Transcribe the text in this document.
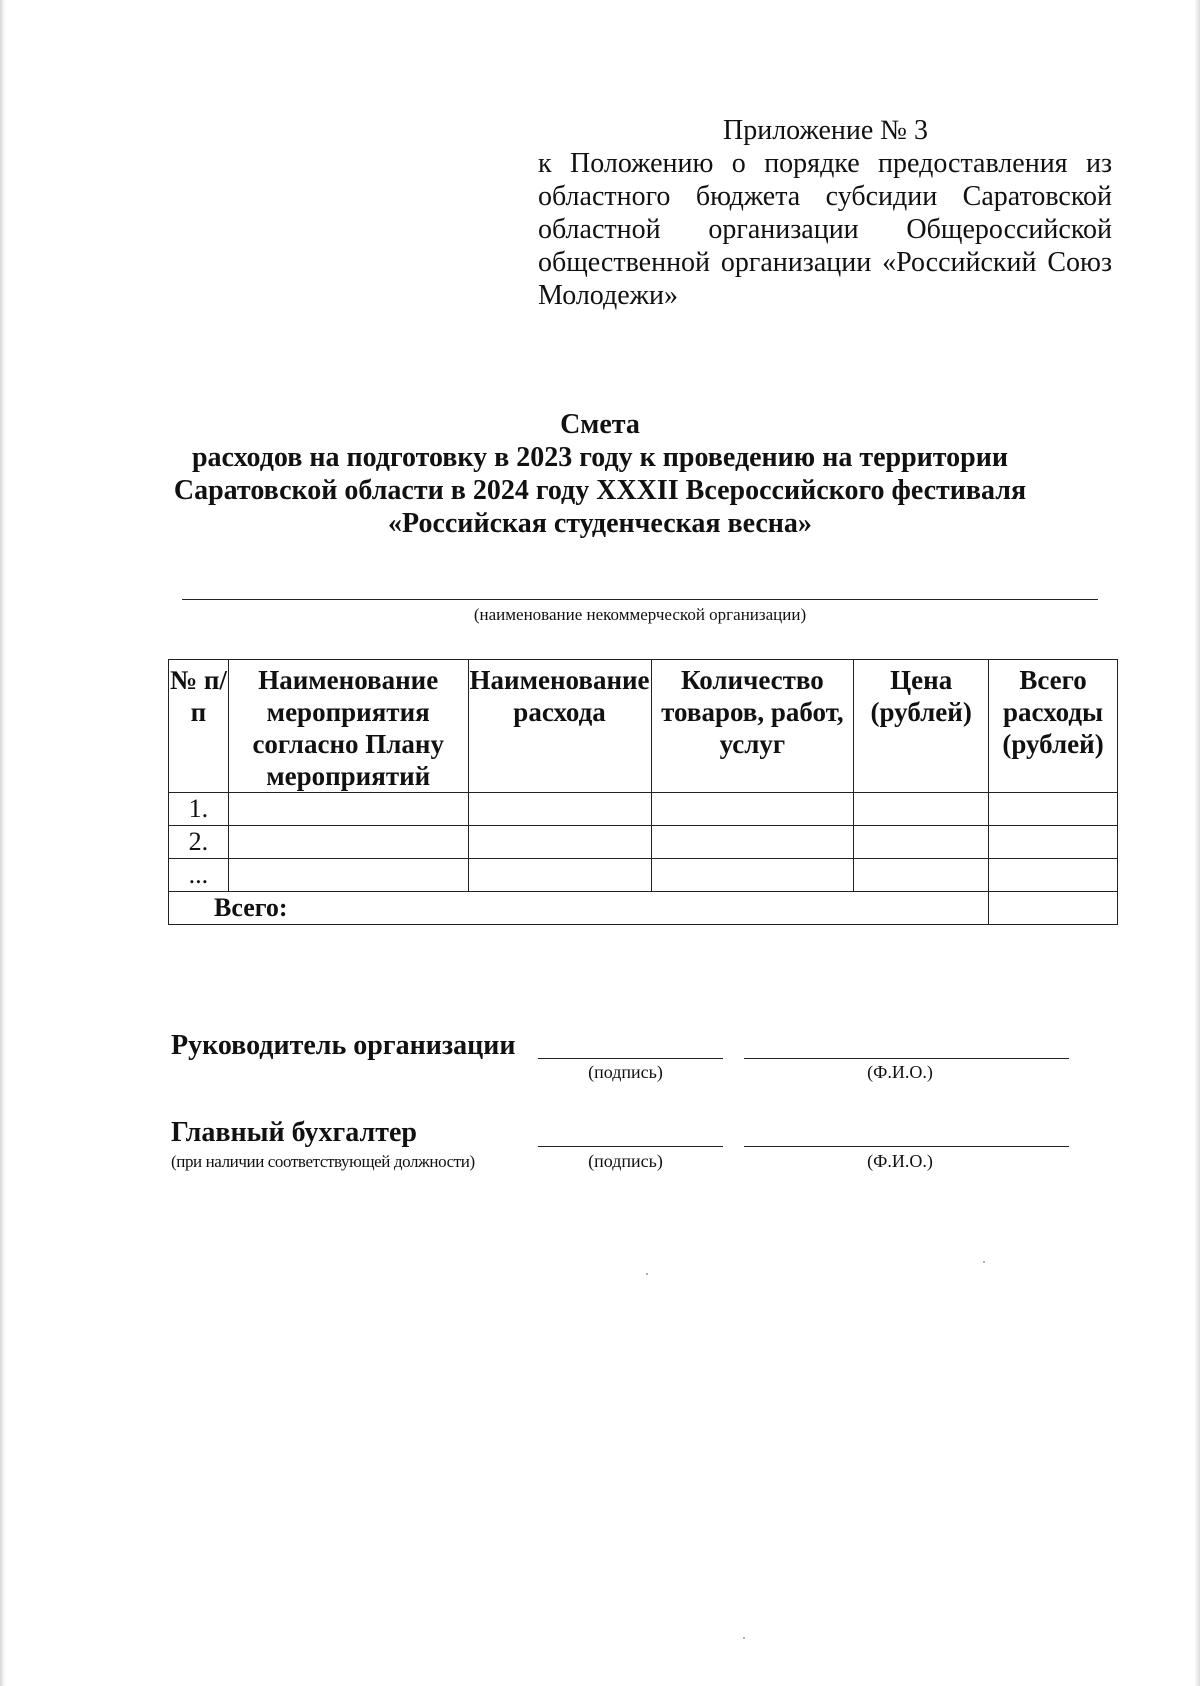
Приложение № 3
к Положению о порядке предоставления из областного бюджета субсидии Саратовской областной организации Общероссийской общественной организации «Российский Союз Молодежи»
Смета
расходов на подготовку в 2023 году к проведению на территории
Саратовской области в 2024 году XXXII Всероссийского фестиваля
«Российская студенческая весна»
(наименование некоммерческой организации)
№ п/п	Наименование мероприятия согласно Плану мероприятий	Наименование расхода	Количество товаров, работ, услуг	Цена (рублей)	Всего расходы (рублей)
1.					
2.					
...					
Всего:					
Руководитель организации
(подпись)	(Ф.И.О.)
Главный бухгалтер
(при наличии соответствующей должности)	(подпись)	(Ф.И.О.)
